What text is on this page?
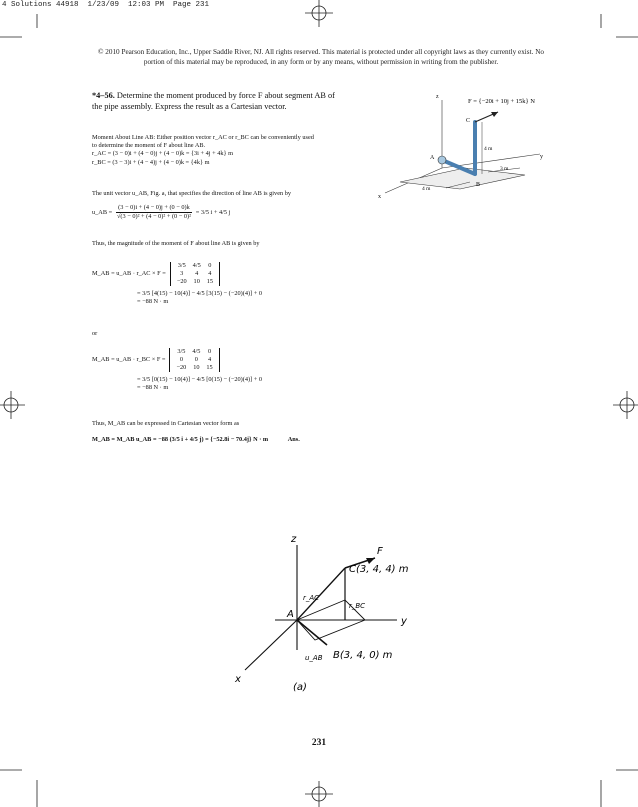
4 Solutions 44918  1/23/09  12:03 PM  Page 231
© 2010 Pearson Education, Inc., Upper Saddle River, NJ. All rights reserved. This material is protected under all copyright laws as they currently exist. No portion of this material may be reproduced, in any form or by any means, without permission in writing from the publisher.
*4–56. Determine the moment produced by force F about segment AB of the pipe assembly. Express the result as a Cartesian vector.
z
y
x
F = {−20i + 10j + 15k} N
C
A
B
4 m
3 m
4 m
Moment About Line AB: Either position vector r_AC or r_BC can be conveniently used
to determine the moment of F about line AB.
r_AC = (3 − 0)i + (4 − 0)j + (4 − 0)k = {3i + 4j + 4k} m
r_BC = (3 − 3)i + (4 − 4)j + (4 − 0)k = {4k} m
The unit vector u_AB, Fig. a, that specifies the direction of line AB is given by
u_AB = $\frac{(3 - 0)i + (4 - 0)j + (0 - 0)k}{\text{√(3 − 0)² + (4 − 0)² + (0 − 0)²}} = 3/5$ i + 4/5 j
Thus, the magnitude of the moment of F about line AB is given by
M_AB = u_AB · r_AC × F =
3/5	4/5	0
3	4	4
−20	10	15
= 3/5 [4(15) − 10(4)] − 4/5 [3(15) − (−20)(4)] + 0
= −88 N · m
or
M_AB = u_AB · r_BC × F =
3/5	4/5	0
0	0	4
−20	10	15
= 3/5 [0(15) − 10(4)] − 4/5 [0(15) − (−20)(4)] + 0
= −88 N · m
Thus, M_AB can be expressed in Cartesian vector form as
M_AB = M_AB u_AB = −88 (3/5 i + 4/5 j) = {−52.8i − 70.4j} N · m	Ans.
z
y
x
F
A
r_AC
r_BC
u_AB
C(3, 4, 4) m
B(3, 4, 0) m
(a)
231
